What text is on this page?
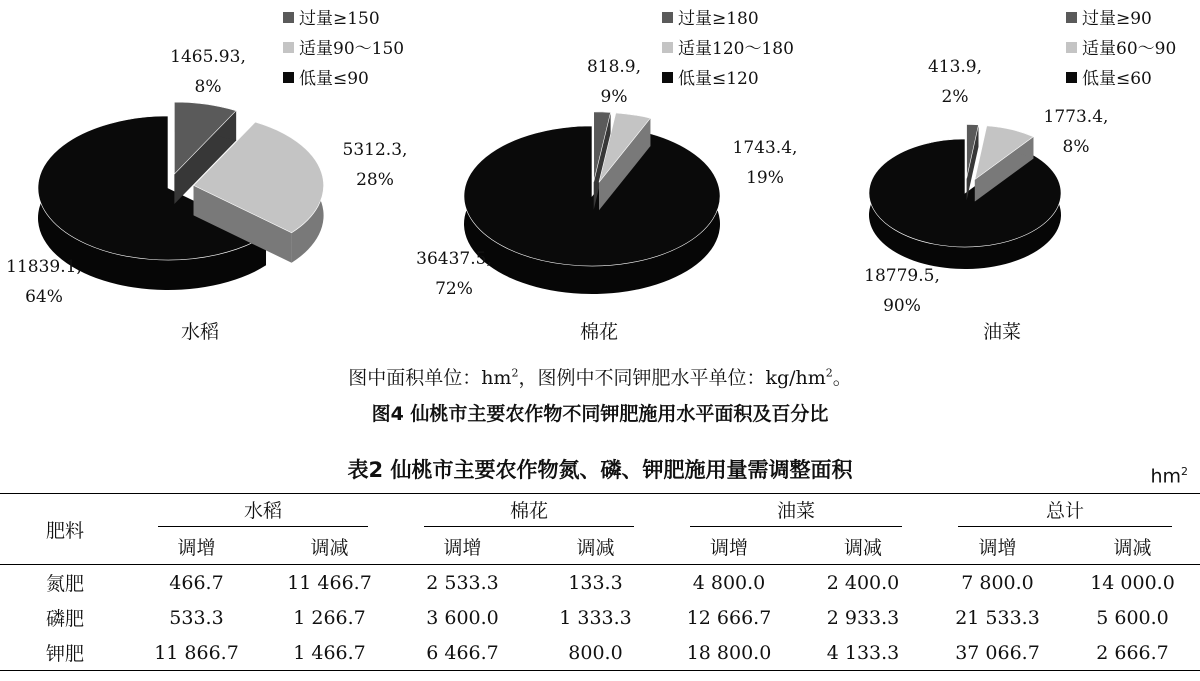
1465.93,
8%
5312.3,
28%
11839.1,
64%
过量≥150
适量90～150
低量≤90
水稻
818.9,
9%
1743.4,
19%
36437.5,
72%
过量≥180
适量120～180
低量≤120
棉花
413.9,
2%
1773.4,
8%
18779.5,
90%
过量≥90
适量60～90
低量≤60
油菜
图中面积单位：$hm^2$，图例中不同钾肥水平单位：$kg/hm^2$。
图4 仙桃市主要农作物不同钾肥施用水平面积及百分比
表2 仙桃市主要农作物氮、磷、钾肥施用量需调整面积	$hm^2$
肥料	水稻		棉花		油菜		总计	

	调增	调减	调增	调减	调增	调减	调增	调减
氮肥	466.7	11 466.7	2 533.3	133.3	4 800.0	2 400.0	7 800.0	14 000.0
磷肥	533.3	1 266.7	3 600.0	1 333.3	12 666.7	2 933.3	21 533.3	5 600.0
钾肥	11 866.7	1 466.7	6 466.7	800.0	18 800.0	4 133.3	37 066.7	2 666.7
